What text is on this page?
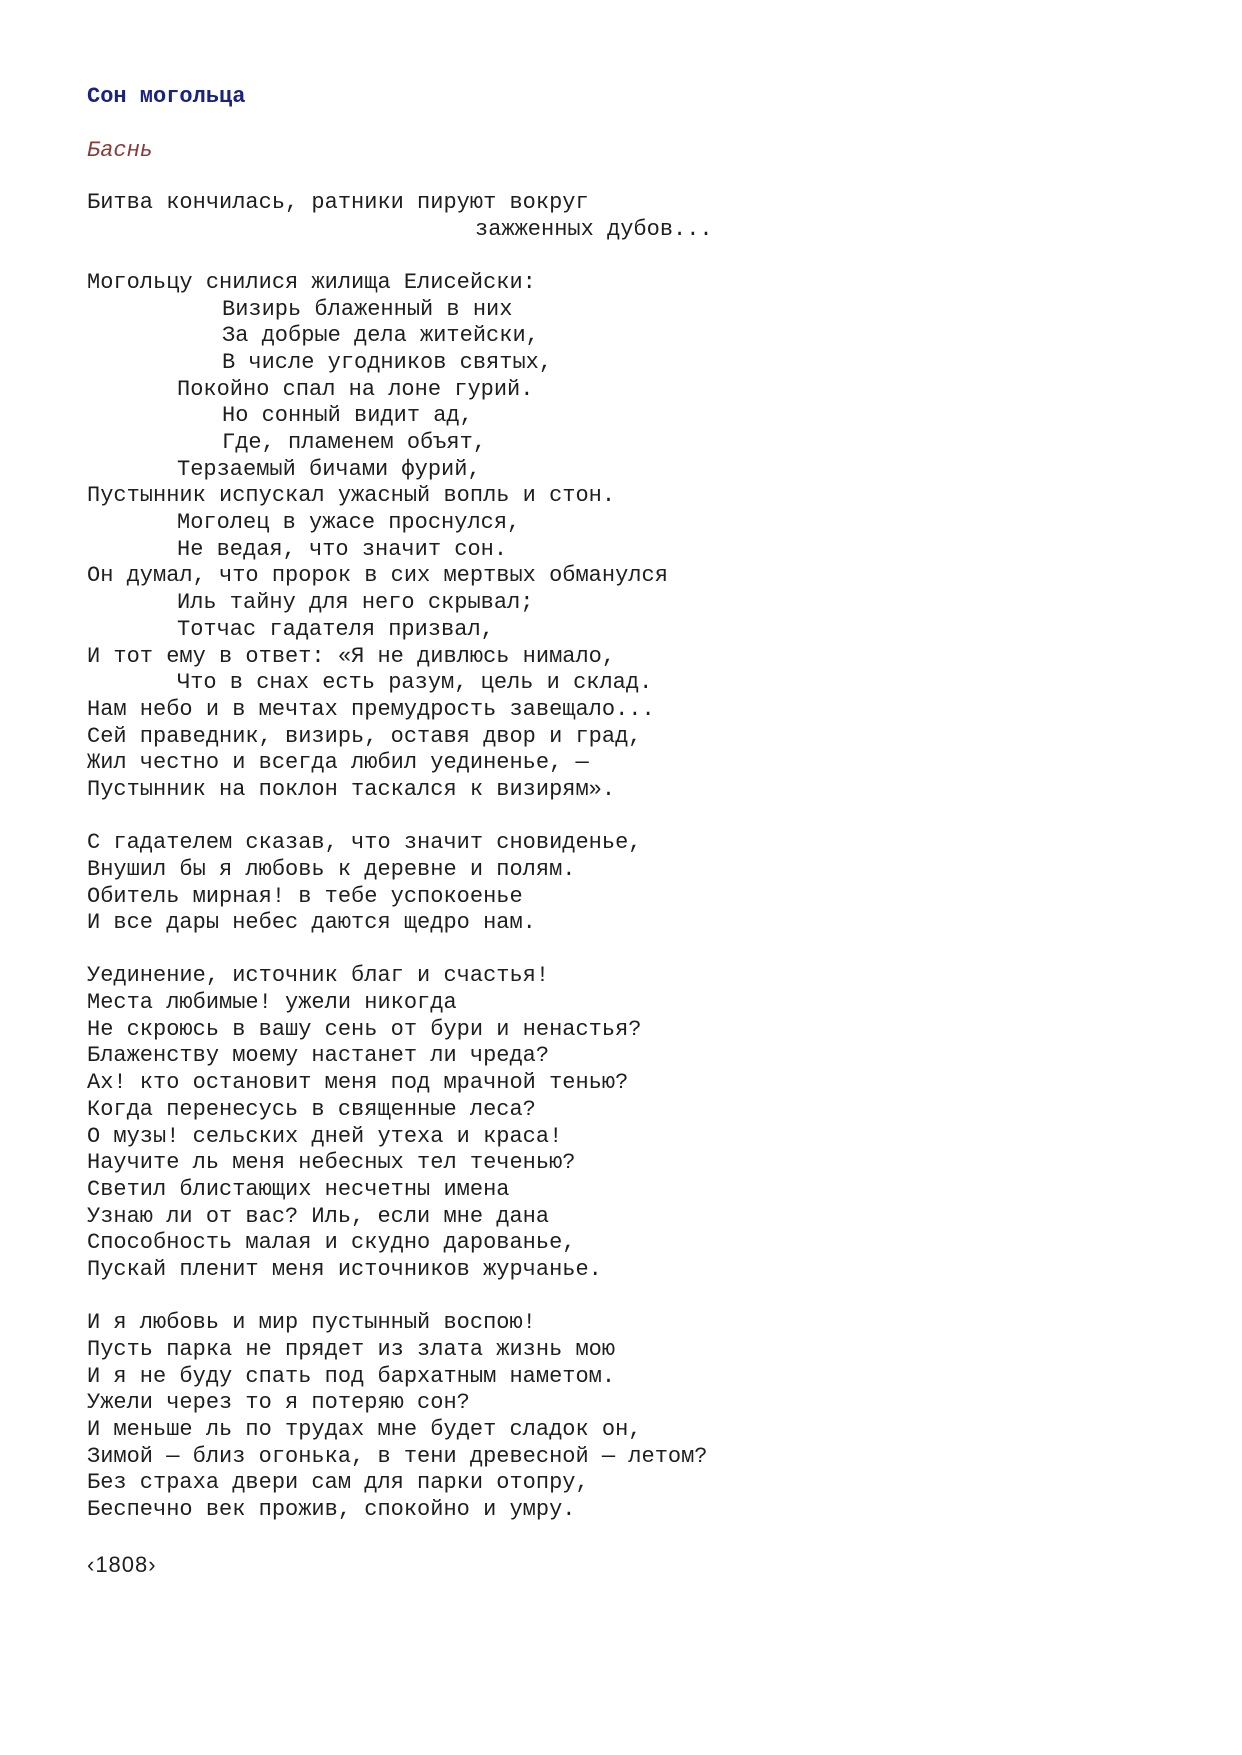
Сон могольца
Баснь
Битва кончилась, ратники пируют вокруг
зажженных дубов...
Могольцу снилися жилища Елисейски:
Визирь блаженный в них
За добрые дела житейски,
В числе угодников святых,
Покойно спал на лоне гурий.
Но сонный видит ад,
Где, пламенем объят,
Терзаемый бичами фурий,
Пустынник испускал ужасный вопль и стон.
Моголец в ужасе проснулся,
Не ведая, что значит сон.
Он думал, что пророк в сих мертвых обманулся
Иль тайну для него скрывал;
Тотчас гадателя призвал,
И тот ему в ответ: «Я не дивлюсь нимало,
Что в снах есть разум, цель и склад.
Нам небо и в мечтах премудрость завещало...
Сей праведник, визирь, оставя двор и град,
Жил честно и всегда любил уединенье, —
Пустынник на поклон таскался к визирям».
С гадателем сказав, что значит сновиденье,
Внушил бы я любовь к деревне и полям.
Обитель мирная! в тебе успокоенье
И все дары небес даются щедро нам.
Уединение, источник благ и счастья!
Места любимые! ужели никогда
Не скроюсь в вашу сень от бури и ненастья?
Блаженству моему настанет ли чреда?
Ах! кто остановит меня под мрачной тенью?
Когда перенесусь в священные леса?
О музы! сельских дней утеха и краса!
Научите ль меня небесных тел теченью?
Светил блистающих несчетны имена
Узнаю ли от вас? Иль, если мне дана
Способность малая и скудно дарованье,
Пускай пленит меня источников журчанье.
И я любовь и мир пустынный воспою!
Пусть парка не прядет из злата жизнь мою
И я не буду спать под бархатным наметом.
Ужели через то я потеряю сон?
И меньше ль по трудах мне будет сладок он,
Зимой — близ огонька, в тени древесной — летом?
Без страха двери сам для парки отопру,
Беспечно век прожив, спокойно и умру.
‹1808›
